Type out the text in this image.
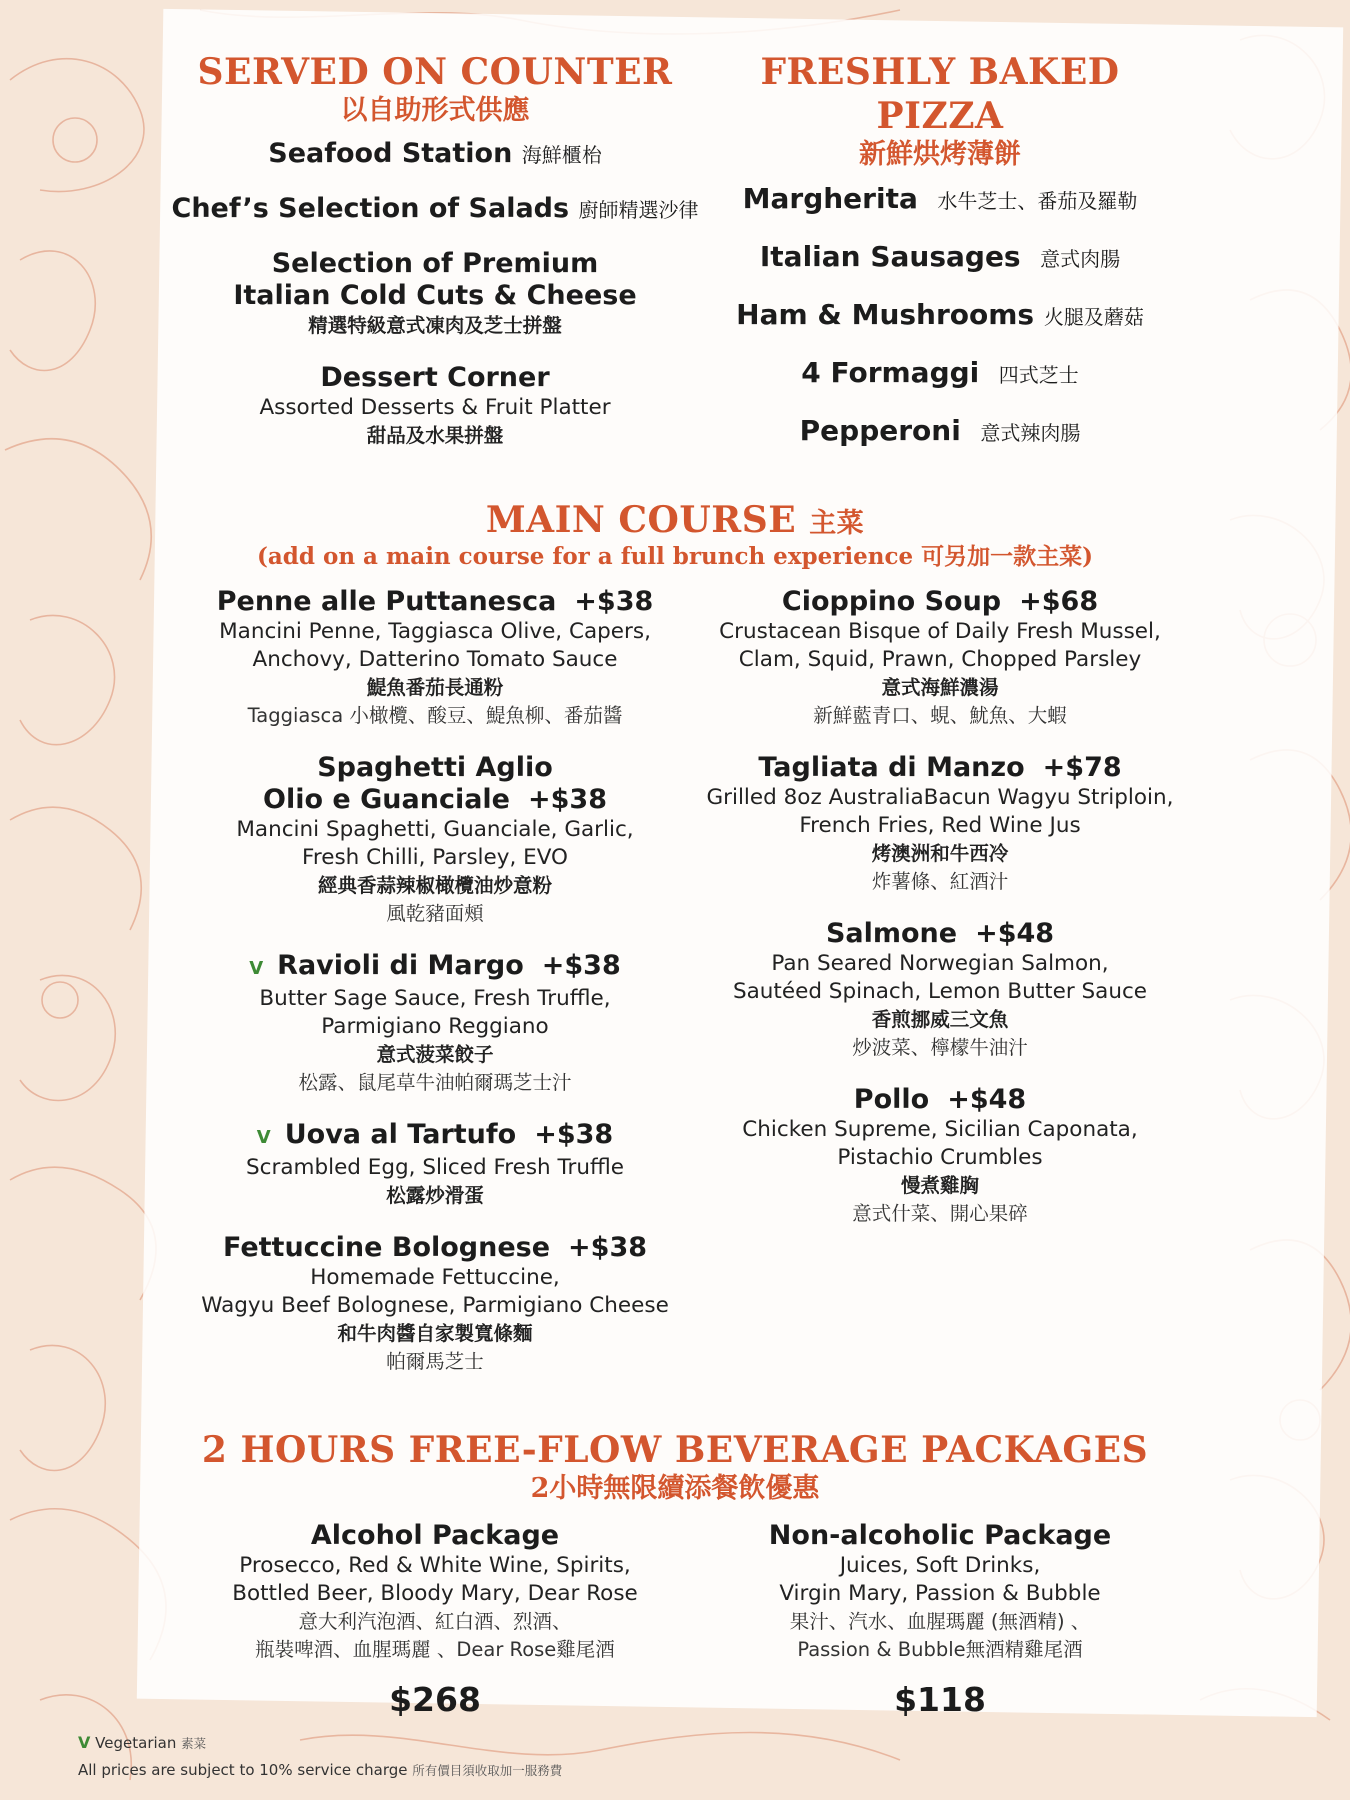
SERVED ON COUNTER
以自助形式供應
Seafood Station 海鮮櫃枱
Chef’s Selection of Salads 廚師精選沙律
Selection of Premium
Italian Cold Cuts & Cheese
精選特級意式凍肉及芝士拼盤
Dessert Corner
Assorted Desserts & Fruit Platter
甜品及水果拼盤
FRESHLY BAKED PIZZA
新鮮烘烤薄餅
Margherita 水牛芝士、番茄及羅勒
Italian Sausages 意式肉腸
Ham & Mushrooms 火腿及蘑菇
4 Formaggi 四式芝士
Pepperoni 意式辣肉腸
MAIN COURSE 主菜
(add on a main course for a full brunch experience 可另加一款主菜)
Penne alle Puttanesca +$38
Mancini Penne, Taggiasca Olive, Capers,
Anchovy, Datterino Tomato Sauce
鯷魚番茄長通粉
Taggiasca 小橄欖、酸豆、鯷魚柳、番茄醬
Spaghetti Aglio
Olio e Guanciale +$38
Mancini Spaghetti, Guanciale, Garlic,
Fresh Chilli, Parsley, EVO
經典香蒜辣椒橄欖油炒意粉
風乾豬面頰
V Ravioli di Margo +$38
Butter Sage Sauce, Fresh Truffle,
Parmigiano Reggiano
意式菠菜餃子
松露、鼠尾草牛油帕爾瑪芝士汁
V Uova al Tartufo +$38
Scrambled Egg, Sliced Fresh Truffle
松露炒滑蛋
Fettuccine Bolognese +$38
Homemade Fettuccine,
Wagyu Beef Bolognese, Parmigiano Cheese
和牛肉醬自家製寬條麵
帕爾馬芝士
Cioppino Soup +$68
Crustacean Bisque of Daily Fresh Mussel,
Clam, Squid, Prawn, Chopped Parsley
意式海鮮濃湯
新鮮藍青口、蜆、魷魚、大蝦
Tagliata di Manzo +$78
Grilled 8oz AustraliaBacun Wagyu Striploin,
French Fries, Red Wine Jus
烤澳洲和牛西冷
炸薯條、紅酒汁
Salmone +$48
Pan Seared Norwegian Salmon,
Sautéed Spinach, Lemon Butter Sauce
香煎挪威三文魚
炒波菜、檸檬牛油汁
Pollo +$48
Chicken Supreme, Sicilian Caponata,
Pistachio Crumbles
慢煮雞胸
意式什菜、開心果碎
2 HOURS FREE-FLOW BEVERAGE PACKAGES
2小時無限續添餐飲優惠
Alcohol Package
Prosecco, Red & White Wine, Spirits,
Bottled Beer, Bloody Mary, Dear Rose
意大利汽泡酒、紅白酒、烈酒、
瓶裝啤酒、血腥瑪麗 、Dear Rose雞尾酒
$268
Non-alcoholic Package
Juices, Soft Drinks,
Virgin Mary, Passion & Bubble
果汁、汽水、血腥瑪麗 (無酒精) 、
Passion & Bubble無酒精雞尾酒
$118
V Vegetarian 素菜
All prices are subject to 10% service charge 所有價目須收取加一服務費
